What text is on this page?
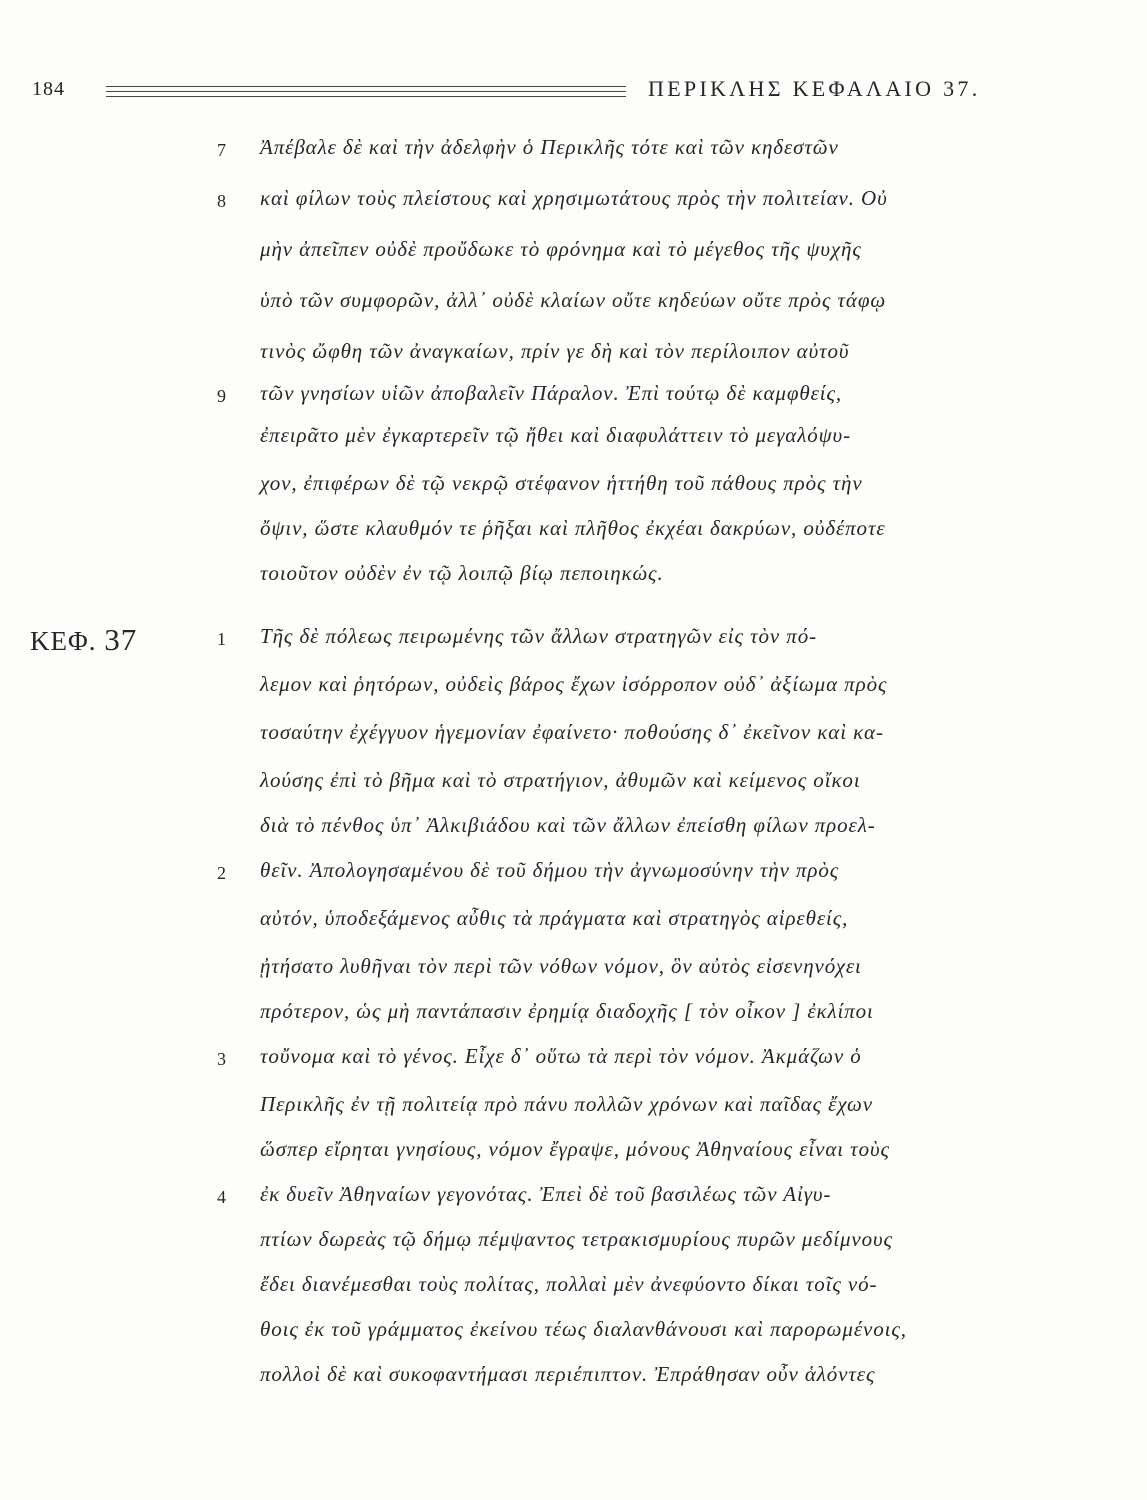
184	ΠΕΡΙΚΛΗΣ ΚΕΦΑΛΑΙΟ 37.
ΚΕΦ. 37
7	Ἀπέβαλε δὲ καὶ τὴν ἀδελφὴν ὁ Περικλῆς τότε καὶ τῶν κηδεστῶν
8	καὶ φίλων τοὺς πλείστους καὶ χρησιμωτάτους πρὸς τὴν πολιτείαν. Οὐ
μὴν ἀπεῖπεν οὐδὲ προὔδωκε τὸ φρόνημα καὶ τὸ μέγεθος τῆς ψυχῆς
ὑπὸ τῶν συμφορῶν, ἀλλ᾽ οὐδὲ κλαίων οὔτε κηδεύων οὔτε πρὸς τάφῳ
τινὸς ὤφθη τῶν ἀναγκαίων, πρίν γε δὴ καὶ τὸν περίλοιπον αὐτοῦ
9	τῶν γνησίων υἱῶν ἀποβαλεῖν Πάραλον. Ἐπὶ τούτῳ δὲ καμφθείς,
ἐπειρᾶτο μὲν ἐγκαρτερεῖν τῷ ἤθει καὶ διαφυλάττειν τὸ μεγαλόψυ-
χον, ἐπιφέρων δὲ τῷ νεκρῷ στέφανον ἡττήθη τοῦ πάθους πρὸς τὴν
ὄψιν, ὥστε κλαυθμόν τε ῥῆξαι καὶ πλῆθος ἐκχέαι δακρύων, οὐδέποτε
τοιοῦτον οὐδὲν ἐν τῷ λοιπῷ βίῳ πεποιηκώς.
1	Τῆς δὲ πόλεως πειρωμένης τῶν ἄλλων στρατηγῶν εἰς τὸν πό-
λεμον καὶ ῥητόρων, οὐδεὶς βάρος ἔχων ἰσόρροπον οὐδ᾽ ἀξίωμα πρὸς
τοσαύτην ἐχέγγυον ἡγεμονίαν ἐφαίνετο· ποθούσης δ᾽ ἐκεῖνον καὶ κα-
λούσης ἐπὶ τὸ βῆμα καὶ τὸ στρατήγιον, ἀθυμῶν καὶ κείμενος οἴκοι
διὰ τὸ πένθος ὑπ᾽ Ἀλκιβιάδου καὶ τῶν ἄλλων ἐπείσθη φίλων προελ-
2	θεῖν. Ἀπολογησαμένου δὲ τοῦ δήμου τὴν ἀγνωμοσύνην τὴν πρὸς
αὐτόν, ὑποδεξάμενος αὖθις τὰ πράγματα καὶ στρατηγὸς αἱρεθείς,
ᾐτήσατο λυθῆναι τὸν περὶ τῶν νόθων νόμον, ὃν αὐτὸς εἰσενηνόχει
πρότερον, ὡς μὴ παντάπασιν ἐρημίᾳ διαδοχῆς [ τὸν οἶκον ] ἐκλίποι
3	τοὔνομα καὶ τὸ γένος. Εἶχε δ᾽ οὕτω τὰ περὶ τὸν νόμον. Ἀκμάζων ὁ
Περικλῆς ἐν τῇ πολιτείᾳ πρὸ πάνυ πολλῶν χρόνων καὶ παῖδας ἔχων
ὥσπερ εἴρηται γνησίους, νόμον ἔγραψε, μόνους Ἀθηναίους εἶναι τοὺς
4	ἐκ δυεῖν Ἀθηναίων γεγονότας. Ἐπεὶ δὲ τοῦ βασιλέως τῶν Αἰγυ-
πτίων δωρεὰς τῷ δήμῳ πέμψαντος τετρακισμυρίους πυρῶν μεδίμνους
ἔδει διανέμεσθαι τοὺς πολίτας, πολλαὶ μὲν ἀνεφύοντο δίκαι τοῖς νό-
θοις ἐκ τοῦ γράμματος ἐκείνου τέως διαλανθάνουσι καὶ παρορωμένοις,
πολλοὶ δὲ καὶ συκοφαντήμασι περιέπιπτον. Ἐπράθησαν οὖν ἁλόντες
